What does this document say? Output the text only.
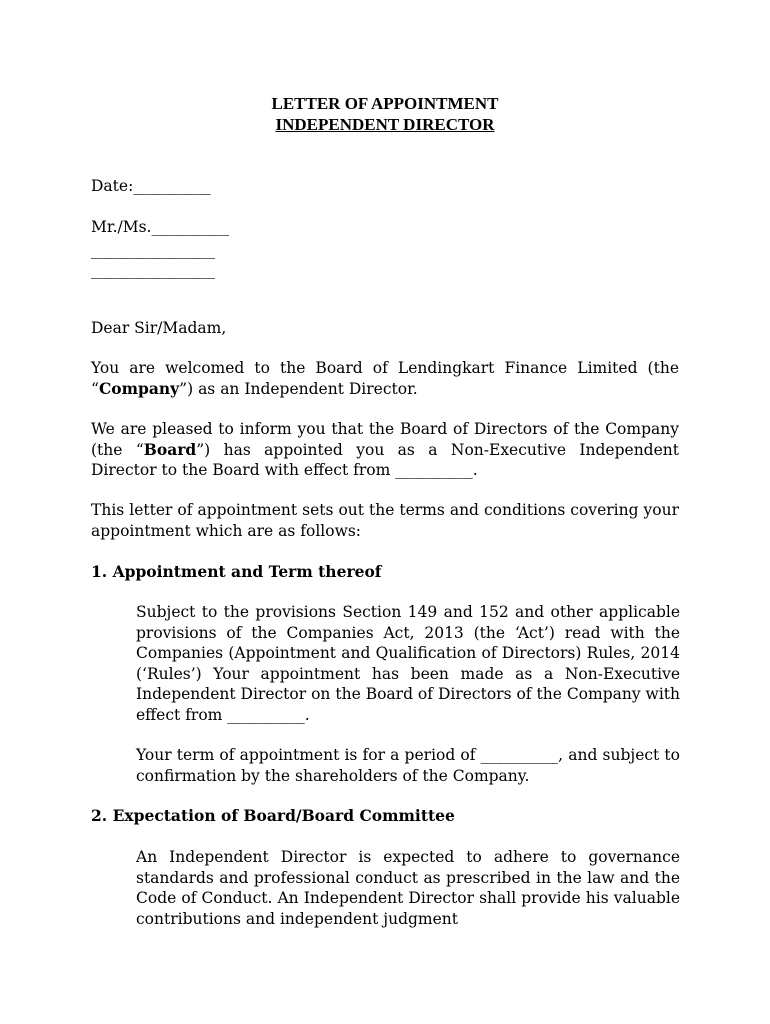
LETTER OF APPOINTMENT
INDEPENDENT DIRECTOR
Date:__________
Mr./Ms.__________
________________
________________
Dear Sir/Madam,
You are welcomed to the Board of Lendingkart Finance Limited (the “Company”) as an Independent Director.
We are pleased to inform you that the Board of Directors of the Company (the “Board”) has appointed you as a Non-Executive Independent Director to the Board with effect from __________.
This letter of appointment sets out the terms and conditions covering your appointment which are as follows:
1. Appointment and Term thereof
Subject to the provisions Section 149 and 152 and other applicable provisions of the Companies Act, 2013 (the ‘Act’) read with the Companies (Appointment and Qualification of Directors) Rules, 2014 (‘Rules’) Your appointment has been made as a Non-Executive Independent Director on the Board of Directors of the Company with effect from __________.
Your term of appointment is for a period of __________, and subject to confirmation by the shareholders of the Company.
2. Expectation of Board/Board Committee
An Independent Director is expected to adhere to governance standards and professional conduct as prescribed in the law and the Code of Conduct. An Independent Director shall provide his valuable contributions and independent judgment
